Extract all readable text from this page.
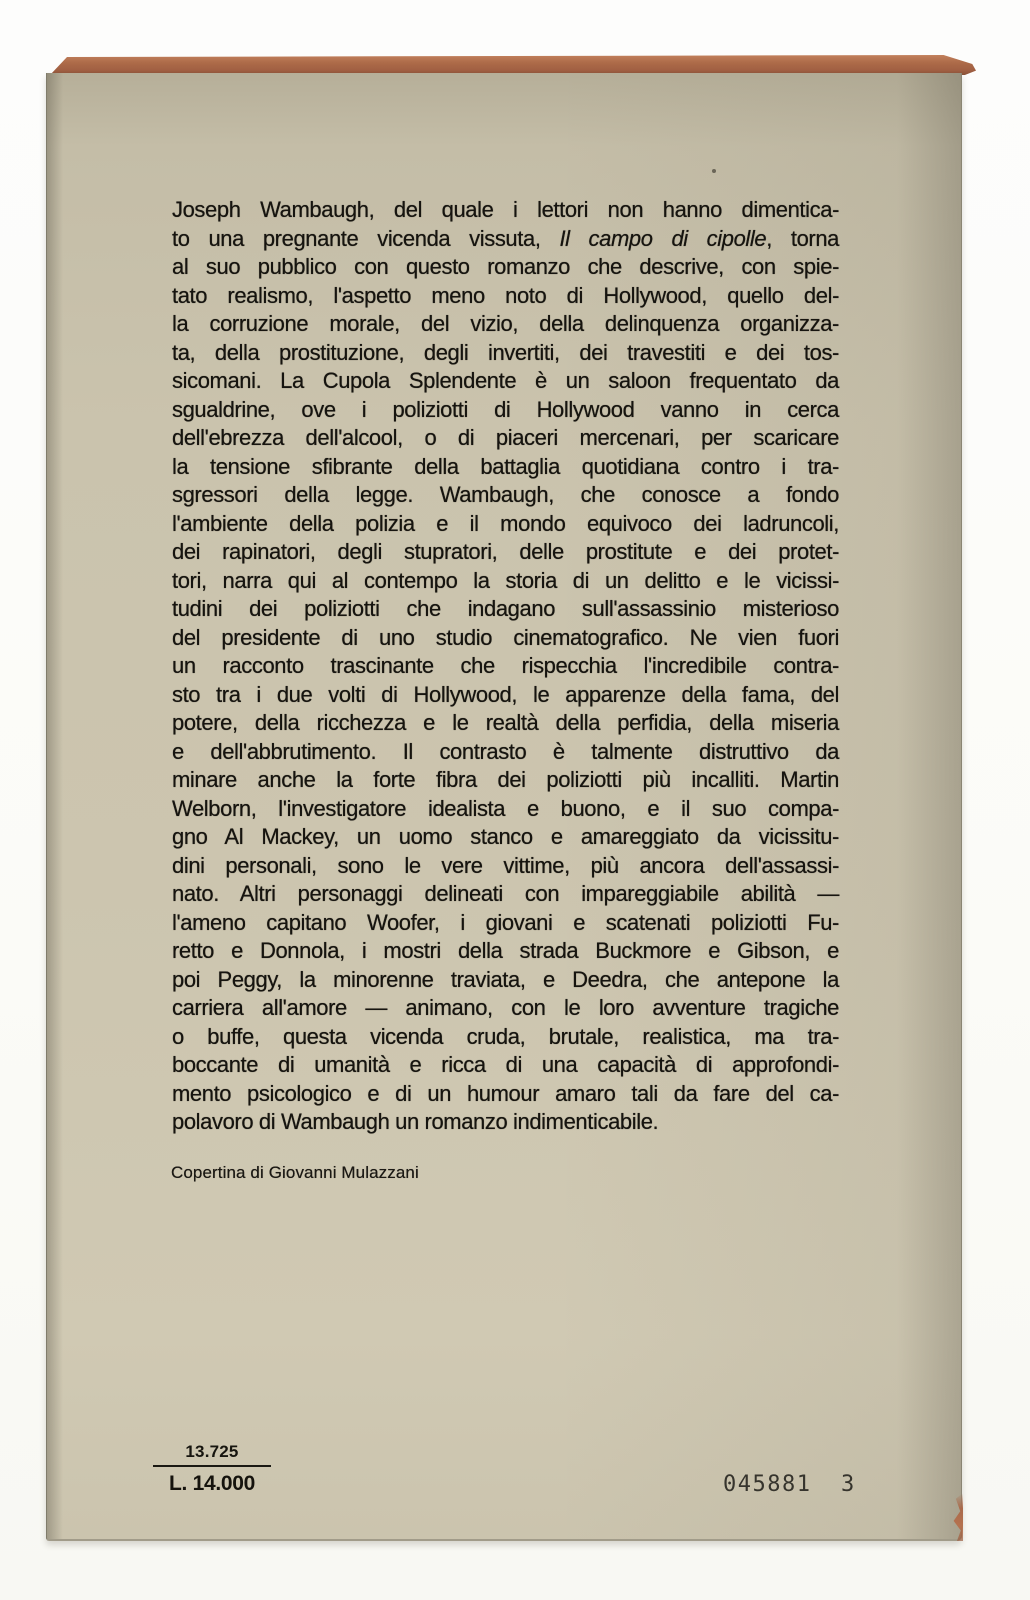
Joseph Wambaugh, del quale i lettori non hanno dimentica-
to una pregnante vicenda vissuta, Il campo di cipolle, torna
al suo pubblico con questo romanzo che descrive, con spie-
tato realismo, l'aspetto meno noto di Hollywood, quello del-
la corruzione morale, del vizio, della delinquenza organizza-
ta, della prostituzione, degli invertiti, dei travestiti e dei tos-
sicomani. La Cupola Splendente è un saloon frequentato da
sgualdrine, ove i poliziotti di Hollywood vanno in cerca
dell'ebrezza dell'alcool, o di piaceri mercenari, per scaricare
la tensione sfibrante della battaglia quotidiana contro i tra-
sgressori della legge. Wambaugh, che conosce a fondo
l'ambiente della polizia e il mondo equivoco dei ladruncoli,
dei rapinatori, degli stupratori, delle prostitute e dei protet-
tori, narra qui al contempo la storia di un delitto e le vicissi-
tudini dei poliziotti che indagano sull'assassinio misterioso
del presidente di uno studio cinematografico. Ne vien fuori
un racconto trascinante che rispecchia l'incredibile contra-
sto tra i due volti di Hollywood, le apparenze della fama, del
potere, della ricchezza e le realtà della perfidia, della miseria
e dell'abbrutimento. Il contrasto è talmente distruttivo da
minare anche la forte fibra dei poliziotti più incalliti. Martin
Welborn, l'investigatore idealista e buono, e il suo compa-
gno Al Mackey, un uomo stanco e amareggiato da vicissitu-
dini personali, sono le vere vittime, più ancora dell'assassi-
nato. Altri personaggi delineati con impareggiabile abilità —
l'ameno capitano Woofer, i giovani e scatenati poliziotti Fu-
retto e Donnola, i mostri della strada Buckmore e Gibson, e
poi Peggy, la minorenne traviata, e Deedra, che antepone la
carriera all'amore — animano, con le loro avventure tragiche
o buffe, questa vicenda cruda, brutale, realistica, ma tra-
boccante di umanità e ricca di una capacità di approfondi-
mento psicologico e di un humour amaro tali da fare del ca-
polavoro di Wambaugh un romanzo indimenticabile.
Copertina di Giovanni Mulazzani
13.725
L. 14.000	045881  3
